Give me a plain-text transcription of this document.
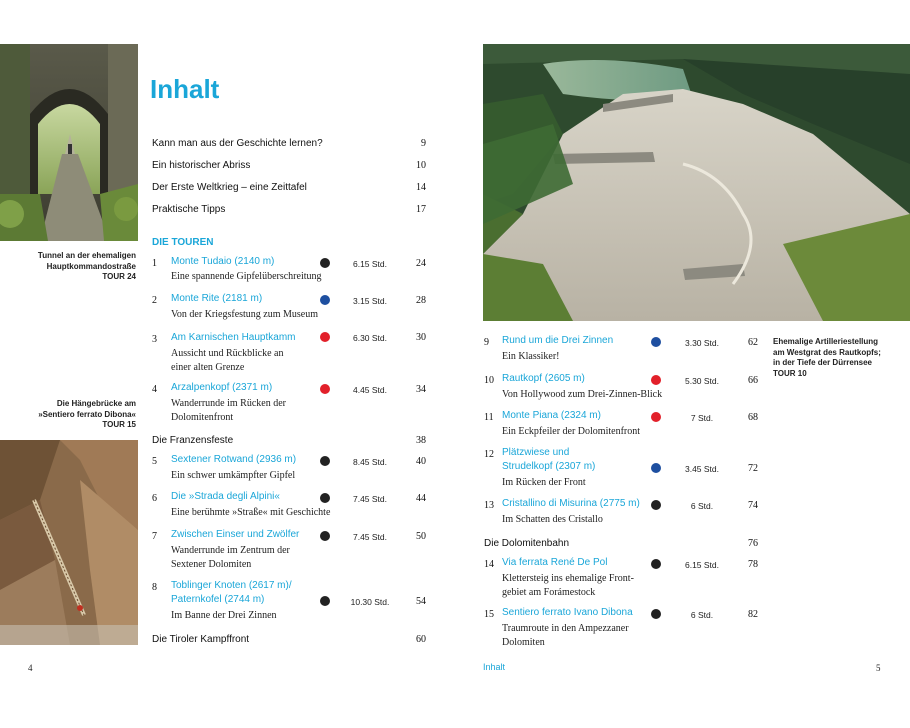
Tunnel an der ehemaligen
Hauptkommandostraße
TOUR 24
Die Hängebrücke am
»Sentiero ferrato Dibona«
TOUR 15
Inhalt
Kann man aus der Geschichte lernen?	9
Ein historischer Abriss	10
Der Erste Weltkrieg – eine Zeittafel	14
Praktische Tipps	17
DIE TOUREN
1 Monte Tudaio (2140 m)
Eine spannende Gipfelüberschreitung
6.15 Std.	24
2 Monte Rite (2181 m)
Von der Kriegsfestung zum Museum
3.15 Std.	28
3 Am Karnischen Hauptkamm
Aussicht und Rückblicke an
einer alten Grenze
6.30 Std.	30
4 Arzalpenkopf (2371 m)
Wanderrunde im Rücken der
Dolomitenfront
4.45 Std.	34
Die Franzensfeste	38
5 Sextener Rotwand (2936 m)
Ein schwer umkämpfter Gipfel
8.45 Std.	40
6 Die »Strada degli Alpini«
Eine berühmte »Straße« mit Geschichte
7.45 Std.	44
7 Zwischen Einser und Zwölfer
Wanderrunde im Zentrum der
Sextener Dolomiten
7.45 Std.	50
8 Toblinger Knoten (2617 m)/
Paternkofel (2744 m)
Im Banne der Drei Zinnen
10.30 Std.	54
Die Tiroler Kampffront	60
4
Ehemalige Artilleriestellung
am Westgrat des Rautkopfs;
in der Tiefe der Dürrensee
TOUR 10
9 Rund um die Drei Zinnen
Ein Klassiker!
3.30 Std.	62
10 Rautkopf (2605 m)
Von Hollywood zum Drei-Zinnen-Blick
5.30 Std.	66
11 Monte Piana (2324 m)
Ein Eckpfeiler der Dolomitenfront
7 Std.	68
12 Plätzwiese und
Strudelkopf (2307 m)
Im Rücken der Front
3.45 Std.	72
13 Cristallino di Misurina (2775 m)
Im Schatten des Cristallo
6 Std.	74
Die Dolomitenbahn	76
14 Via ferrata René De Pol
Klettersteig ins ehemalige Front-
gebiet am Forámestock
6.15 Std.	78
15 Sentiero ferrato Ivano Dibona
Traumroute in den Ampezzaner
Dolomiten
6 Std.	82
Inhalt	5
